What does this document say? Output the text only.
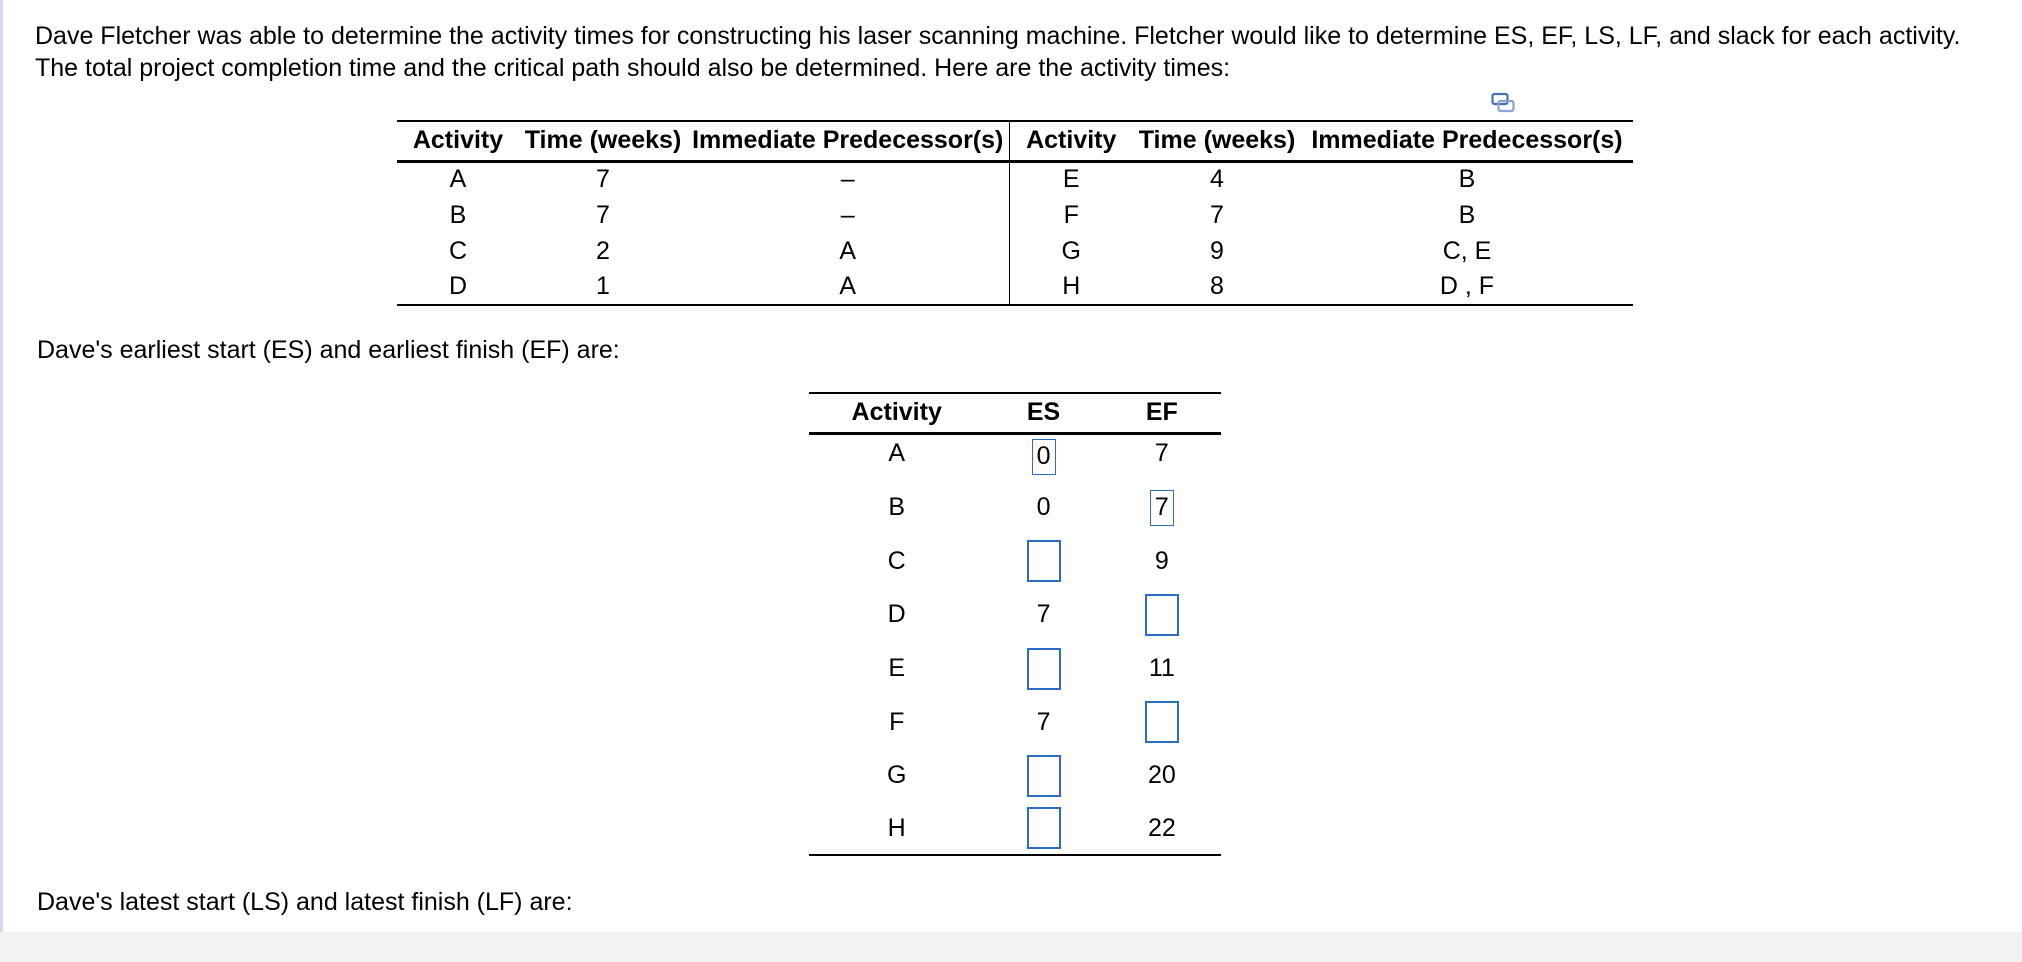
Dave Fletcher was able to determine the activity times for constructing his laser scanning machine. Fletcher would like to determine ES, EF, LS, LF, and slack for each activity. The total project completion time and the critical path should also be determined. Here are the activity times:

Activity	Time (weeks)	Immediate Predecessor(s)	Activity	Time (weeks)	Immediate Predecessor(s)
A	7	–	E	4	B
B	7	–	F	7	B
C	2	A	G	9	C, E
D	1	A	H	8	D , F

Dave's earliest start (ES) and earliest finish (EF) are:

Activity	ES	EF
A	0	7
B	0	7
C		9
D	7	
E		11
F	7	
G		20
H		22

Dave's latest start (LS) and latest finish (LF) are:
